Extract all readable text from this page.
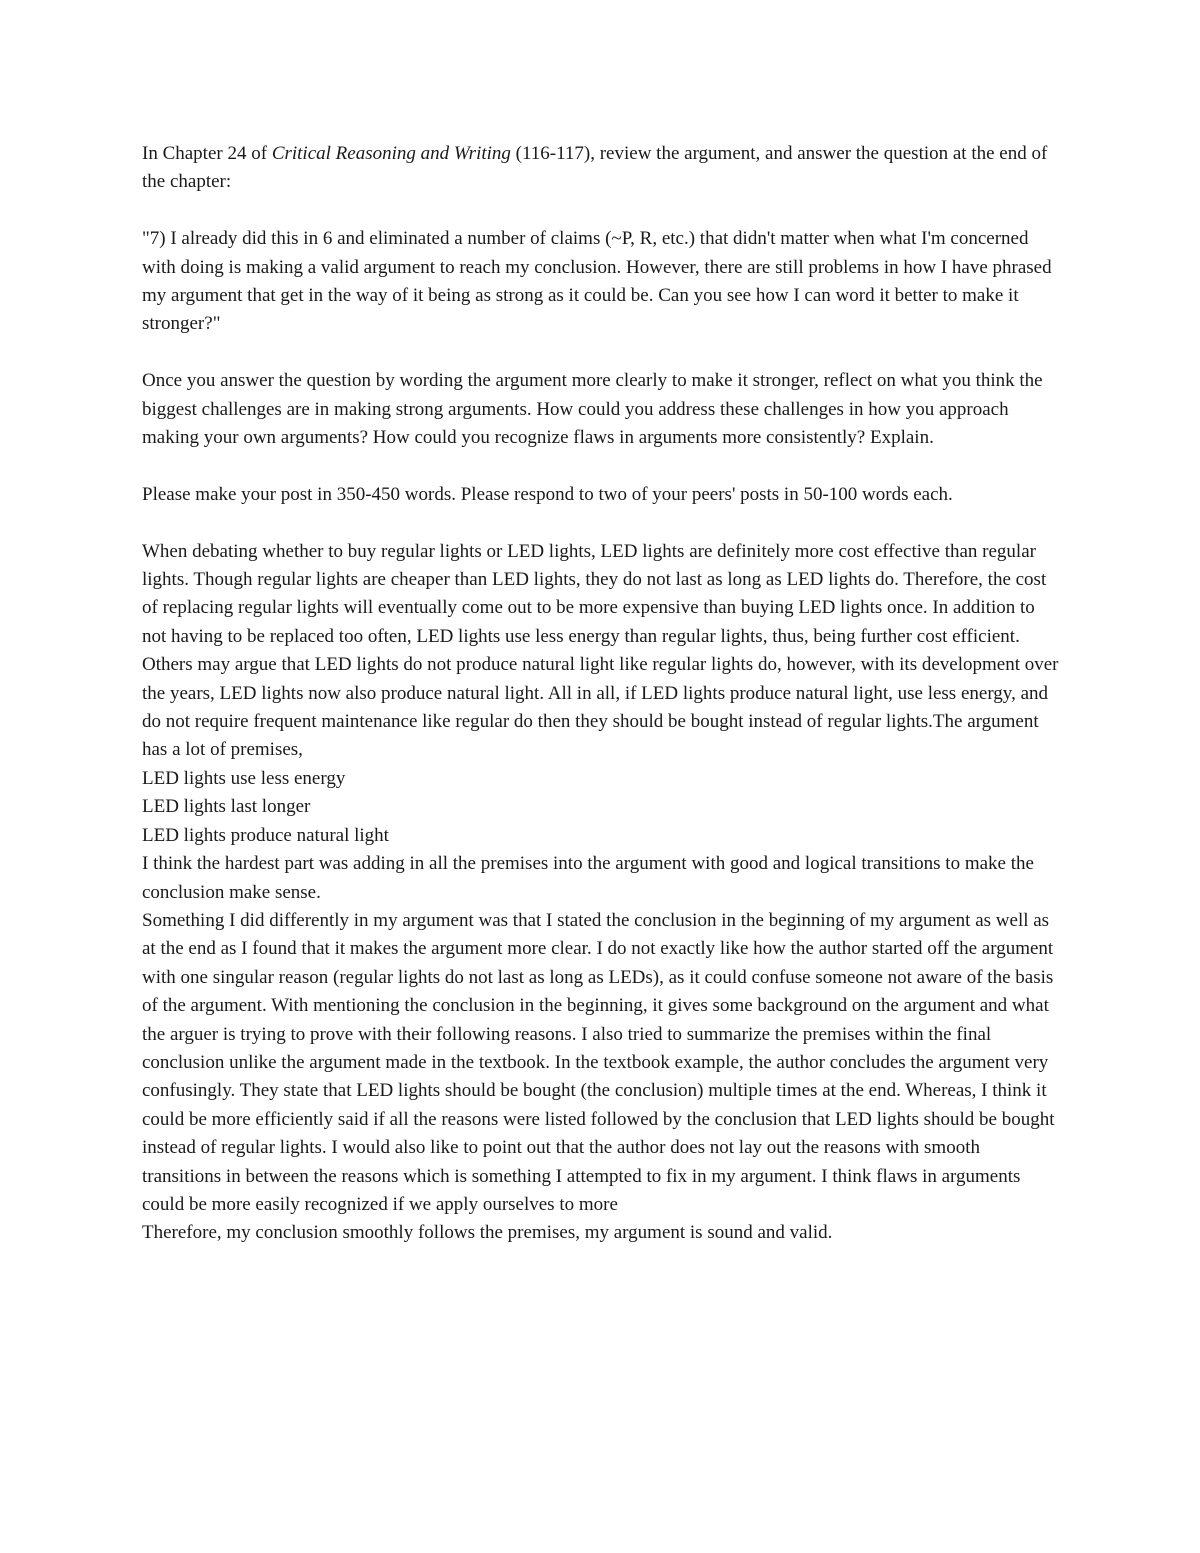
In Chapter 24 of Critical Reasoning and Writing (116-117), review the argument, and answer the question at the end of the chapter:

"7) I already did this in 6 and eliminated a number of claims (~P, R, etc.) that didn't matter when what I'm concerned with doing is making a valid argument to reach my conclusion. However, there are still problems in how I have phrased my argument that get in the way of it being as strong as it could be. Can you see how I can word it better to make it stronger?"

Once you answer the question by wording the argument more clearly to make it stronger, reflect on what you think the biggest challenges are in making strong arguments. How could you address these challenges in how you approach making your own arguments? How could you recognize flaws in arguments more consistently? Explain.

Please make your post in 350-450 words. Please respond to two of your peers' posts in 50-100 words each.

When debating whether to buy regular lights or LED lights, LED lights are definitely more cost effective than regular lights. Though regular lights are cheaper than LED lights, they do not last as long as LED lights do. Therefore, the cost of replacing regular lights will eventually come out to be more expensive than buying LED lights once. In addition to not having to be replaced too often, LED lights use less energy than regular lights, thus, being further cost efficient. Others may argue that LED lights do not produce natural light like regular lights do, however, with its development over the years, LED lights now also produce natural light. All in all, if LED lights produce natural light, use less energy, and do not require frequent maintenance like regular do then they should be bought instead of regular lights.The argument has a lot of premises,

LED lights use less energy

LED lights last longer

LED lights produce natural light

I think the hardest part was adding in all the premises into the argument with good and logical transitions to make the conclusion make sense.

Something I did differently in my argument was that I stated the conclusion in the beginning of my argument as well as at the end as I found that it makes the argument more clear. I do not exactly like how the author started off the argument with one singular reason (regular lights do not last as long as LEDs), as it could confuse someone not aware of the basis of the argument. With mentioning the conclusion in the beginning, it gives some background on the argument and what the arguer is trying to prove with their following reasons. I also tried to summarize the premises within the final conclusion unlike the argument made in the textbook. In the textbook example, the author concludes the argument very confusingly. They state that LED lights should be bought (the conclusion) multiple times at the end. Whereas, I think it could be more efficiently said if all the reasons were listed followed by the conclusion that LED lights should be bought instead of regular lights. I would also like to point out that the author does not lay out the reasons with smooth transitions in between the reasons which is something I attempted to fix in my argument. I think flaws in arguments could be more easily recognized if we apply ourselves to more

Therefore, my conclusion smoothly follows the premises, my argument is sound and valid.
